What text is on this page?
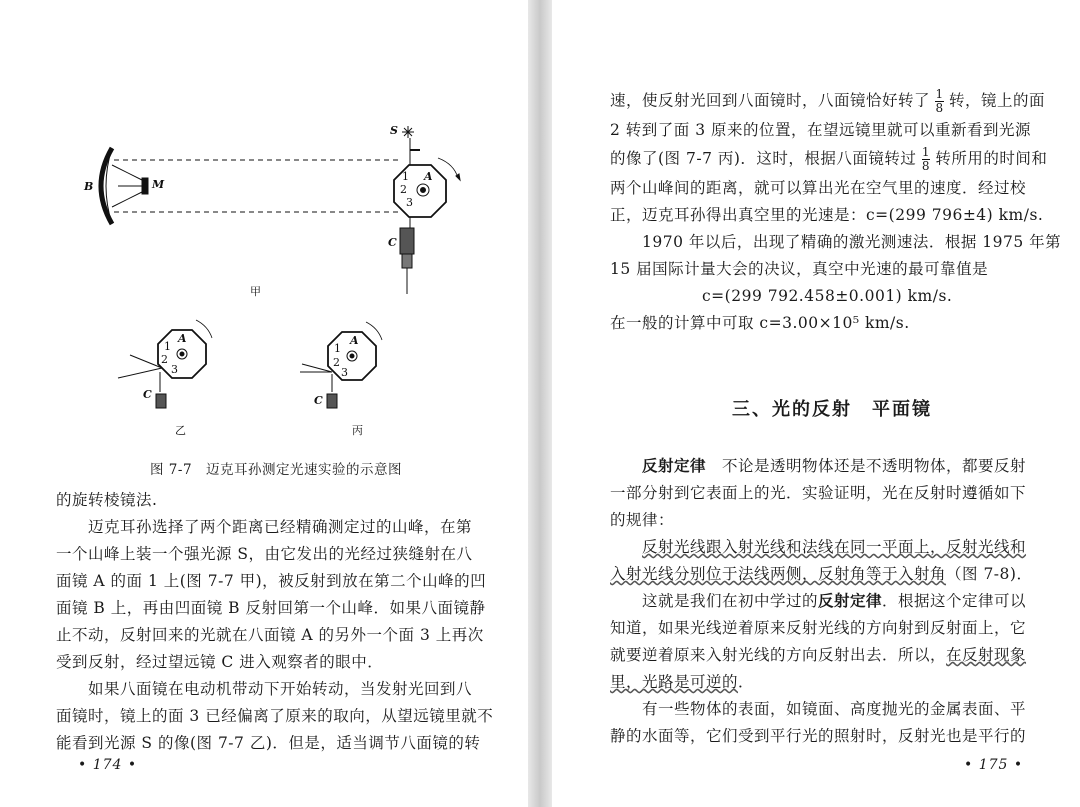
B	M
S
A
1
2
3
C
甲
A
1
2
3
C
乙
A
1
2
3
C
丙
图 7-7　迈克耳孙测定光速实验的示意图
的旋转棱镜法.
迈克耳孙选择了两个距离已经精确测定过的山峰，在第
一个山峰上装一个强光源 S，由它发出的光经过狭缝射在八
面镜 A 的面 1 上(图 7-7 甲)，被反射到放在第二个山峰的凹
面镜 B 上，再由凹面镜 B 反射回第一个山峰．如果八面镜静
止不动，反射回来的光就在八面镜 A 的另外一个面 3 上再次
受到反射，经过望远镜 C 进入观察者的眼中．
如果八面镜在电动机带动下开始转动，当发射光回到八
面镜时，镜上的面 3 已经偏离了原来的取向，从望远镜里就不
能看到光源 S 的像(图 7-7 乙)．但是，适当调节八面镜的转
• 174 •
速，使反射光回到八面镜时，八面镜恰好转了 $\frac{1}{8}$ 转，镜上的面
2 转到了面 3 原来的位置，在望远镜里就可以重新看到光源
的像了(图 7-7 丙)．这时，根据八面镜转过 $\frac{1}{8}$ 转所用的时间和
两个山峰间的距离，就可以算出光在空气里的速度．经过校
正，迈克耳孙得出真空里的光速是：c=(299 796±4) km/s.
1970 年以后，出现了精确的激光测速法．根据 1975 年第
15 届国际计量大会的决议，真空中光速的最可靠值是
c=(299 792.458±0.001) km/s.
在一般的计算中可取 c=3.00×10⁵ km/s.
三、光的反射　平面镜
反射定律　不论是透明物体还是不透明物体，都要反射
一部分射到它表面上的光．实验证明，光在反射时遵循如下
的规律：
反射光线跟入射光线和法线在同一平面上，反射光线和
入射光线分别位于法线两侧，反射角等于入射角（图 7-8)．
这就是我们在初中学过的反射定律．根据这个定律可以
知道，如果光线逆着原来反射光线的方向射到反射面上，它
就要逆着原来入射光线的方向反射出去．所以，在反射现象
里，光路是可逆的．
有一些物体的表面，如镜面、高度抛光的金属表面、平
静的水面等，它们受到平行光的照射时，反射光也是平行的
• 175 •
